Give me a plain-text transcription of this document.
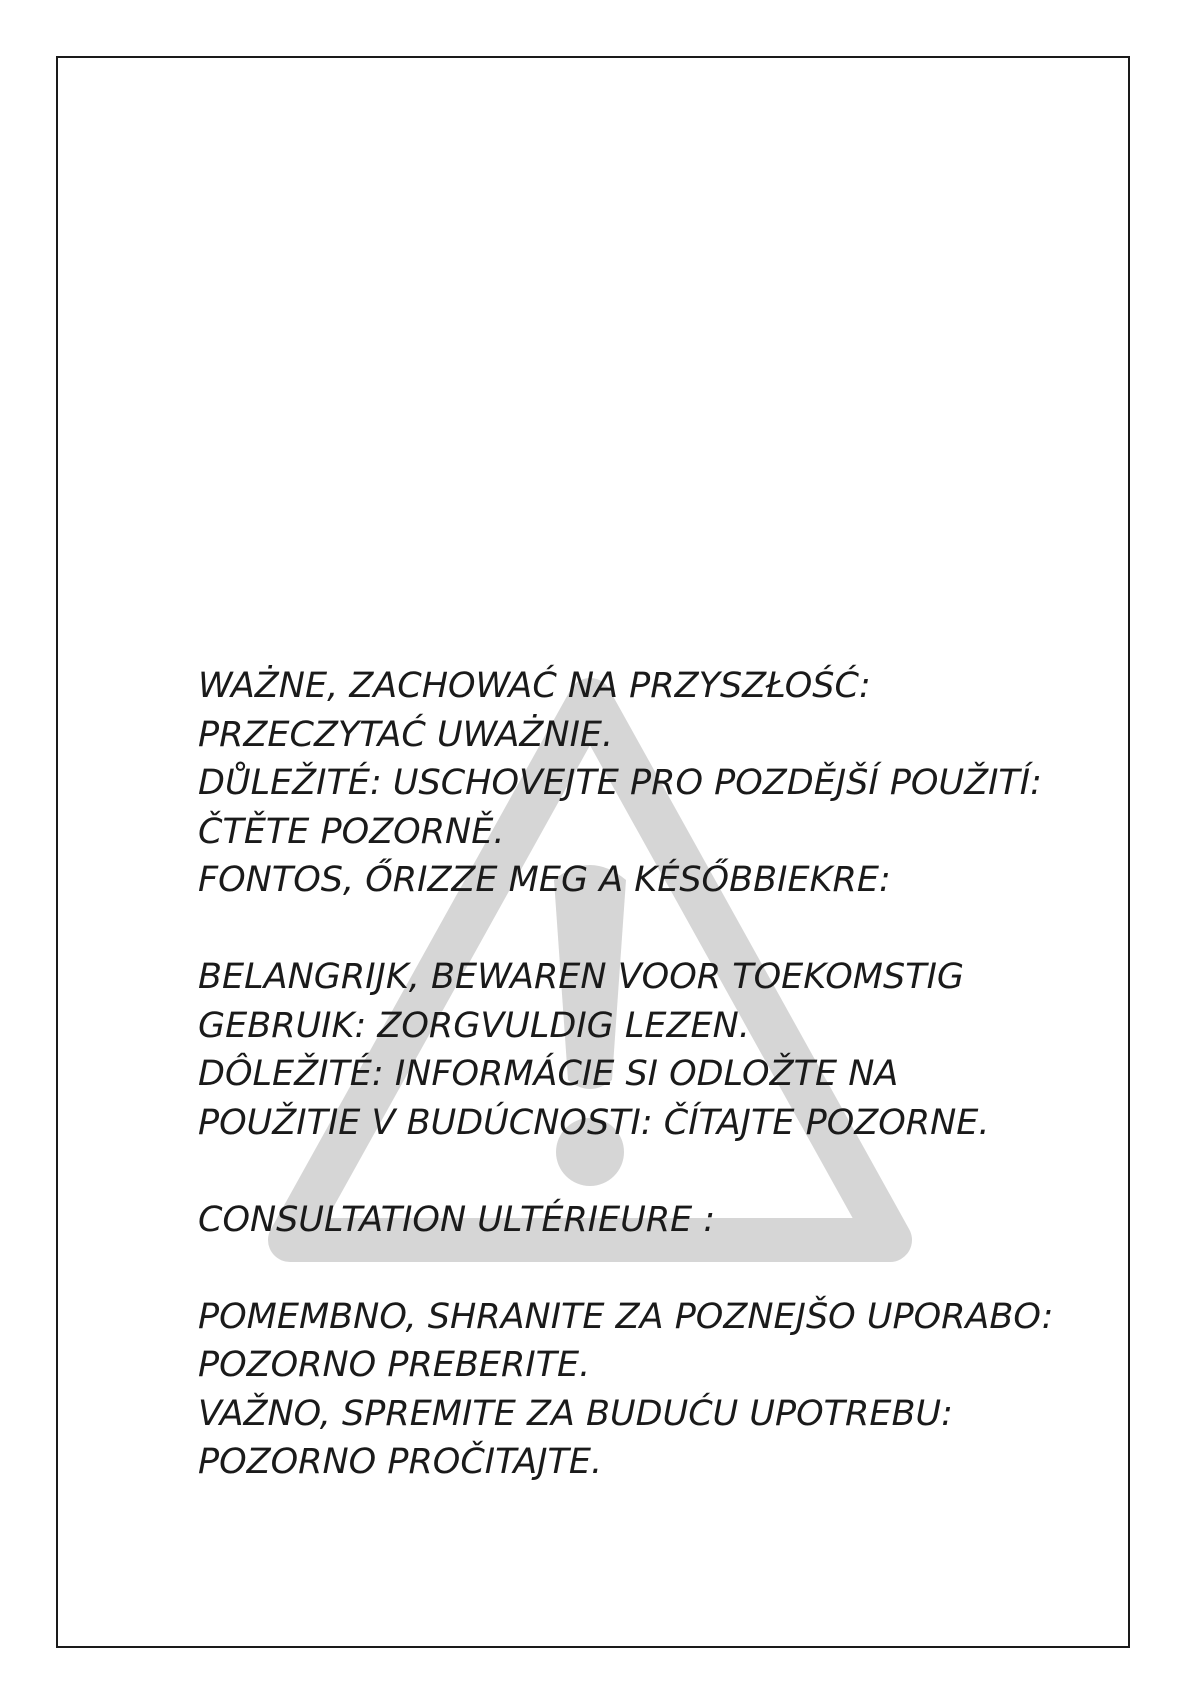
WAŻNE, ZACHOWAĆ NA PRZYSZŁOŚĆ:
PRZECZYTAĆ UWAŻNIE.
DŮLEŽITÉ: USCHOVEJTE PRO POZDĚJŠÍ POUŽITÍ:
ČTĚTE POZORNĚ.
FONTOS, ŐRIZZE MEG A KÉSŐBBIEKRE:
BELANGRIJK, BEWAREN VOOR TOEKOMSTIG
GEBRUIK: ZORGVULDIG LEZEN.
DÔLEŽITÉ: INFORMÁCIE SI ODLOŽTE NA
POUŽITIE V BUDÚCNOSTI: ČÍTAJTE POZORNE.
CONSULTATION ULTÉRIEURE :
POMEMBNO, SHRANITE ZA POZNEJŠO UPORABO:
POZORNO PREBERITE.
VAŽNO, SPREMITE ZA BUDUĆU UPOTREBU:
POZORNO PROČITAJTE.
